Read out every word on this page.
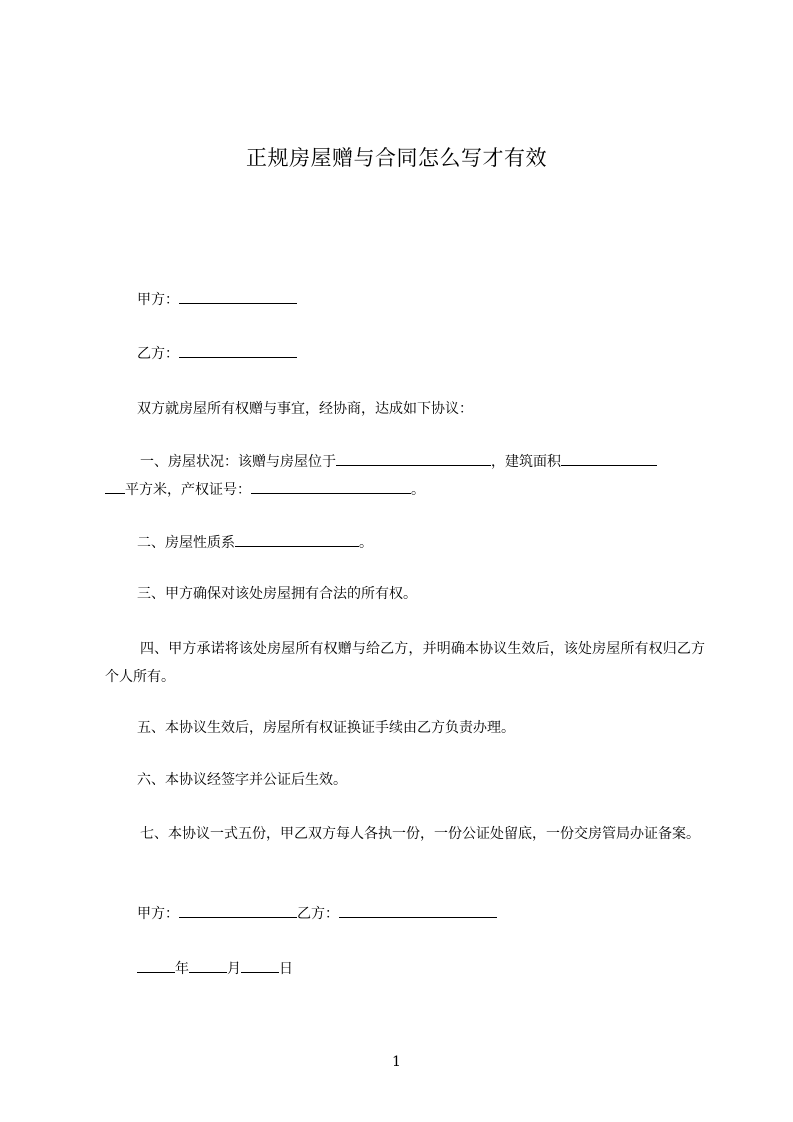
正规房屋赠与合同怎么写才有效

甲方：

乙方：

双方就房屋所有权赠与事宜，经协商，达成如下协议：

一、房屋状况：该赠与房屋位于	，建筑面积
平方米，产权证号：	。

二、房屋性质系	。

三、甲方确保对该处房屋拥有合法的所有权。

四、甲方承诺将该处房屋所有权赠与给乙方，并明确本协议生效后，该处房屋所有权归乙方个人所有。

五、本协议生效后，房屋所有权证换证手续由乙方负责办理。

六、本协议经签字并公证后生效。

七、本协议一式五份，甲乙双方每人各执一份，一份公证处留底，一份交房管局办证备案。

甲方：	乙方：

年	月	日

1
